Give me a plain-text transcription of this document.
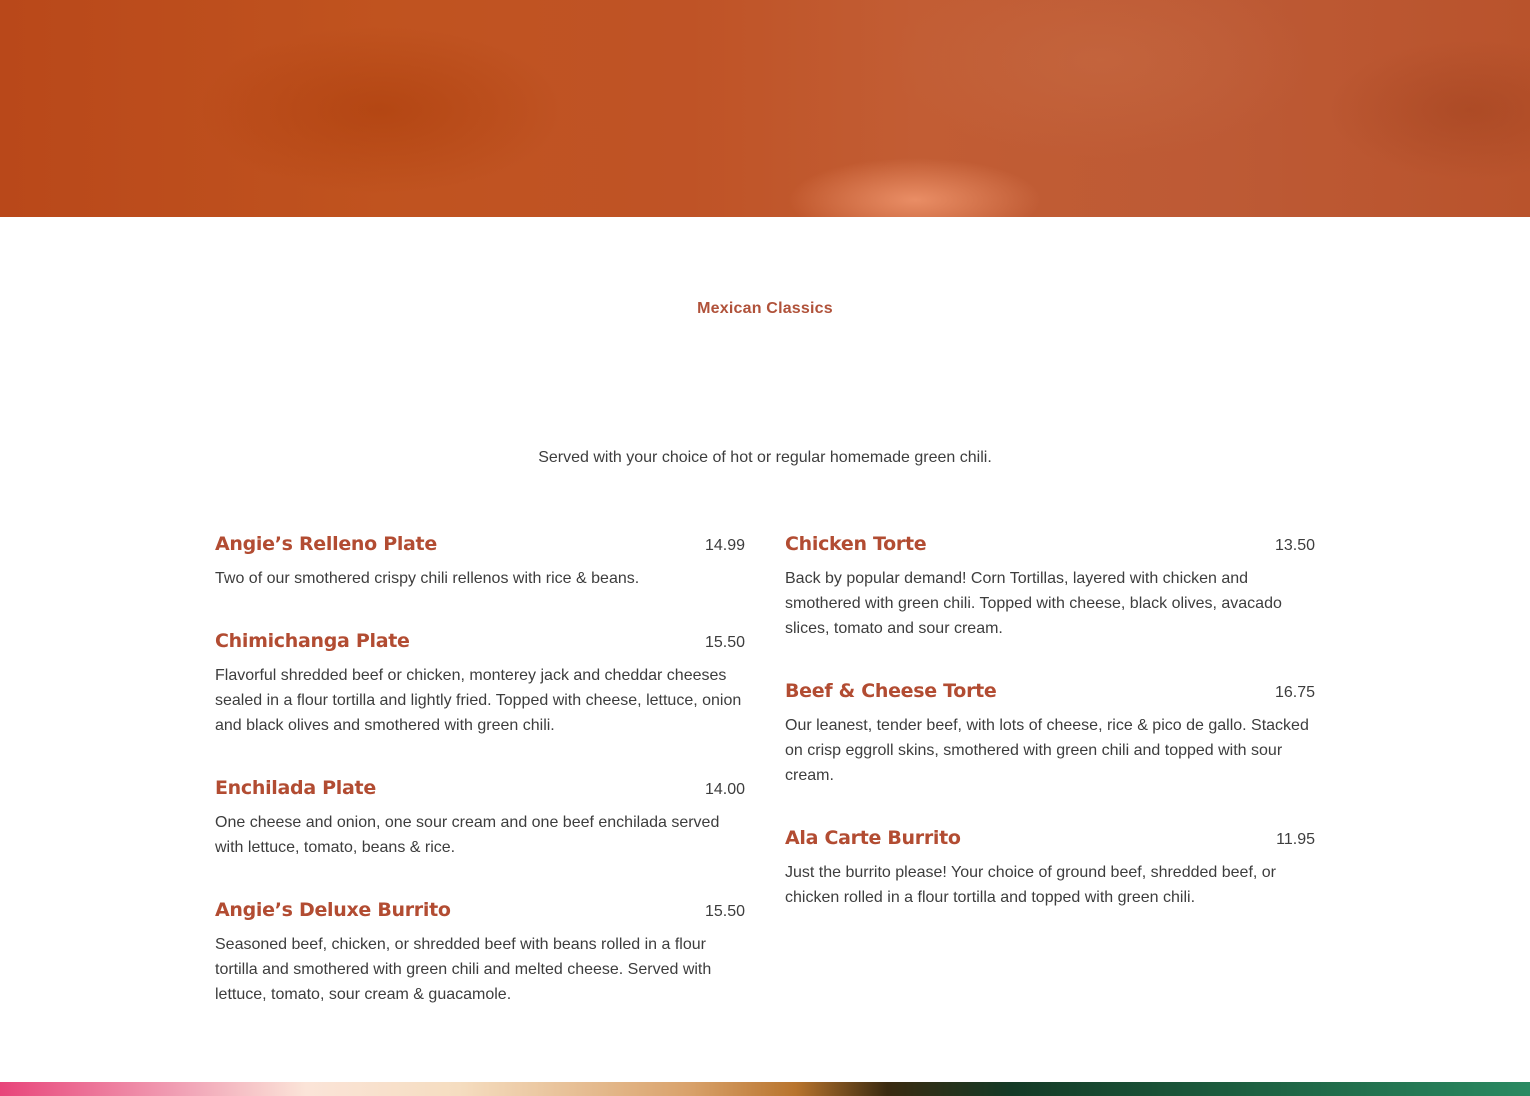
Mexican Classics

Served with your choice of hot or regular homemade green chili.

Angie’s Relleno Plate	14.99

Two of our smothered crispy chili rellenos with rice & beans.

Chimichanga Plate	15.50

Flavorful shredded beef or chicken, monterey jack and cheddar cheeses sealed in a flour tortilla and lightly fried. Topped with cheese, lettuce, onion and black olives and smothered with green chili.

Enchilada Plate	14.00

One cheese and onion, one sour cream and one beef enchilada served with lettuce, tomato, beans & rice.

Angie’s Deluxe Burrito	15.50

Seasoned beef, chicken, or shredded beef with beans rolled in a flour tortilla and smothered with green chili and melted cheese. Served with lettuce, tomato, sour cream & guacamole.

Chicken Torte	13.50

Back by popular demand! Corn Tortillas, layered with chicken and smothered with green chili. Topped with cheese, black olives, avacado slices, tomato and sour cream.

Beef & Cheese Torte	16.75

Our leanest, tender beef, with lots of cheese, rice & pico de gallo. Stacked on crisp eggroll skins, smothered with green chili and topped with sour cream.

Ala Carte Burrito	11.95

Just the burrito please! Your choice of ground beef, shredded beef, or chicken rolled in a flour tortilla and topped with green chili.
